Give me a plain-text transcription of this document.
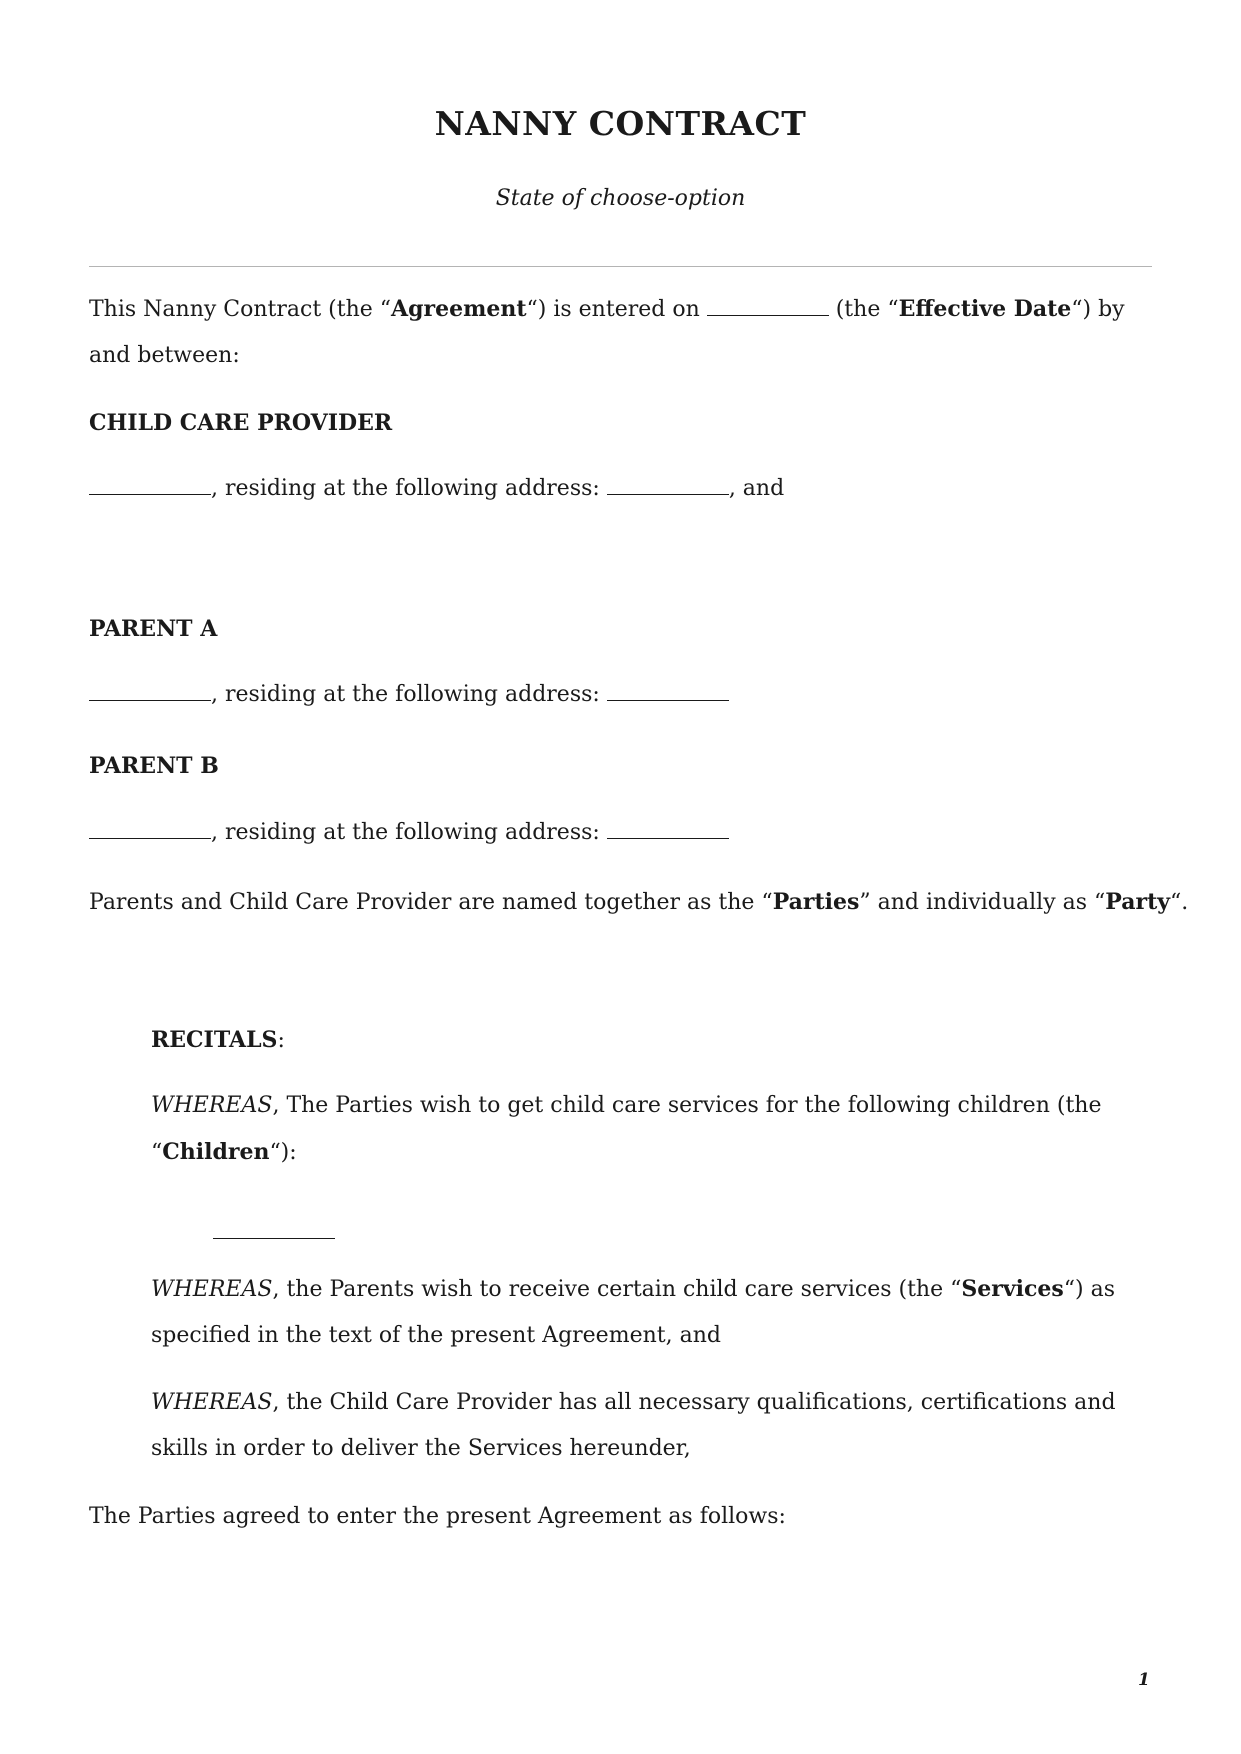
NANNY CONTRACT
State of choose-option
This Nanny Contract (the “Agreement“) is entered on	(the “Effective Date“) by and between:
CHILD CARE PROVIDER
, residing at the following address:	, and
PARENT A
, residing at the following address:
PARENT B
, residing at the following address:
Parents and Child Care Provider are named together as the “Parties” and individually as “Party“.
RECITALS:
WHEREAS, The Parties wish to get child care services for the following children (the “Children“):
WHEREAS, the Parents wish to receive certain child care services (the “Services“) as specified in the text of the present Agreement, and
WHEREAS, the Child Care Provider has all necessary qualifications, certifications and skills in order to deliver the Services hereunder,
The Parties agreed to enter the present Agreement as follows:
1
